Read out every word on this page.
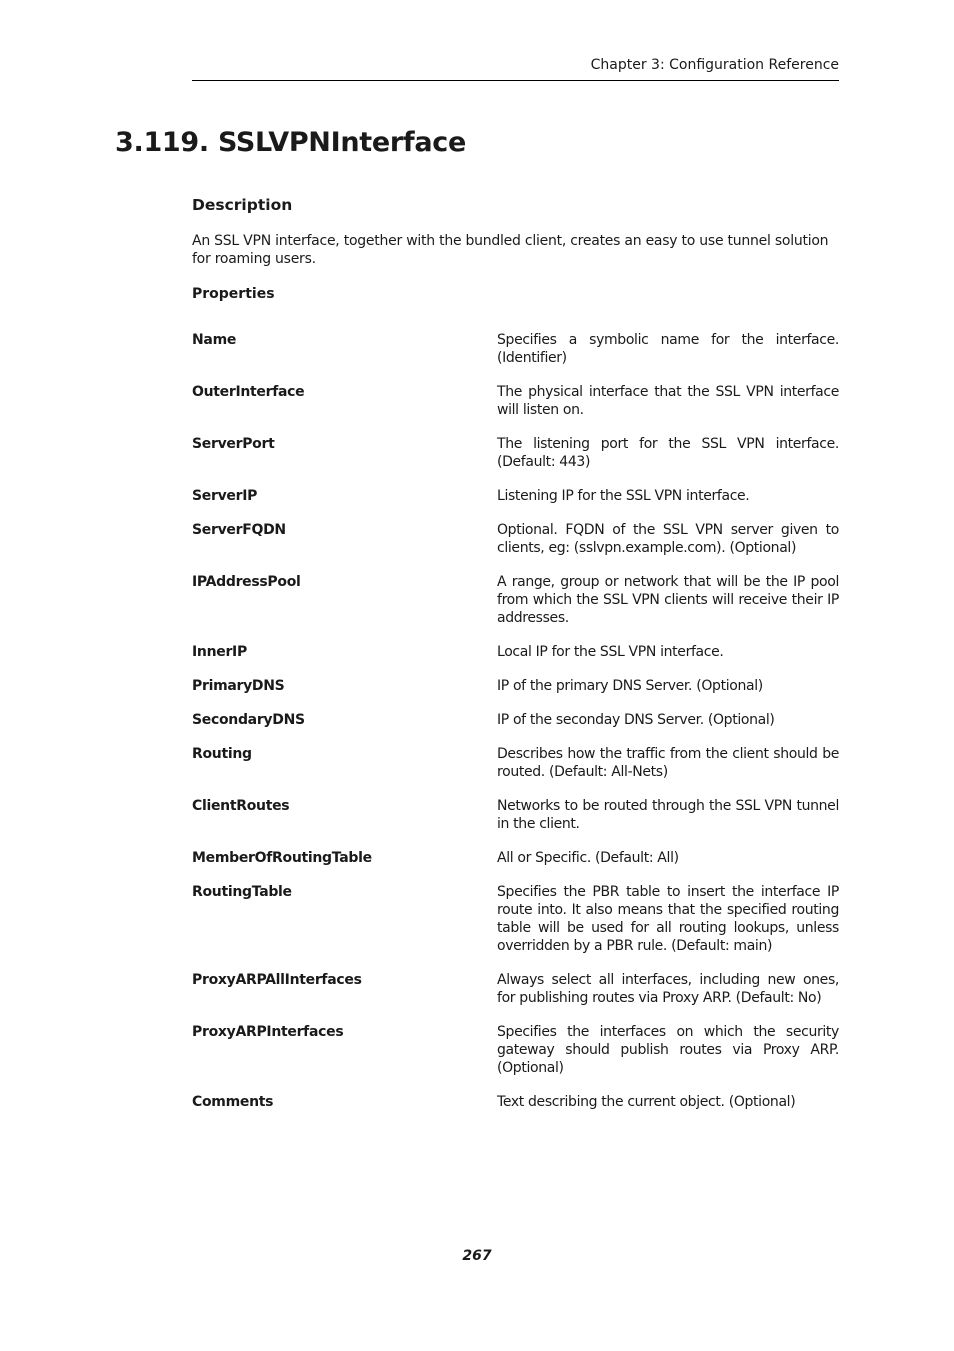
Chapter 3: Configuration Reference
3.119. SSLVPNInterface
Description

An SSL VPN interface, together with the bundled client, creates an easy to use tunnel solution for roaming users.

Properties
Name	Specifies a symbolic name for the interface. (Identifier)
OuterInterface	The physical interface that the SSL VPN interface will listen on.
ServerPort	The listening port for the SSL VPN interface. (Default: 443)
ServerIP	Listening IP for the SSL VPN interface.
ServerFQDN	Optional. FQDN of the SSL VPN server given to clients, eg: (sslvpn.example.com). (Optional)
IPAddressPool	A range, group or network that will be the IP pool from which the SSL VPN clients will receive their IP addresses.
InnerIP	Local IP for the SSL VPN interface.
PrimaryDNS	IP of the primary DNS Server. (Optional)
SecondaryDNS	IP of the seconday DNS Server. (Optional)
Routing	Describes how the traffic from the client should be routed. (Default: All-Nets)
ClientRoutes	Networks to be routed through the SSL VPN tunnel in the client.
MemberOfRoutingTable	All or Specific. (Default: All)
RoutingTable	Specifies the PBR table to insert the interface IP route into. It also means that the specified routing table will be used for all routing lookups, unless overridden by a PBR rule. (Default: main)
ProxyARPAllInterfaces	Always select all interfaces, including new ones, for publishing routes via Proxy ARP. (Default: No)
ProxyARPInterfaces	Specifies the interfaces on which the security gateway should publish routes via Proxy ARP. (Optional)
Comments	Text describing the current object. (Optional)
267
